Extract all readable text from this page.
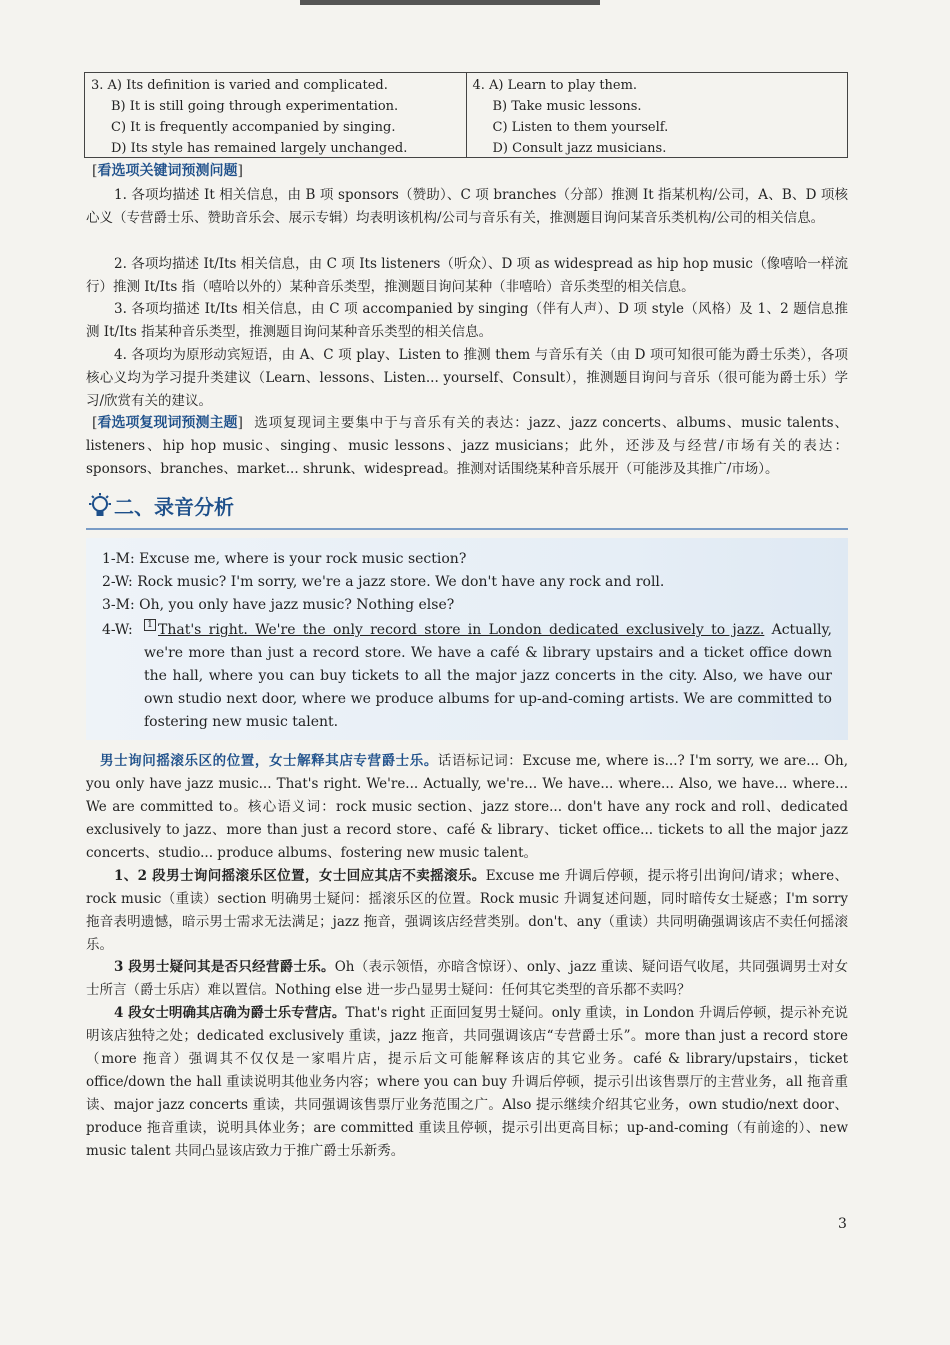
3. A) Its definition is varied and complicated.
B) It is still going through experimentation.
C) It is frequently accompanied by singing.
D) Its style has remained largely unchanged.
4. A) Learn to play them.
B) Take music lessons.
C) Listen to them yourself.
D) Consult jazz musicians.
[ 看选项关键词预测问题 ]
1. 各项均描述 It 相关信息，由 B 项 sponsors（赞助）、C 项 branches（分部）推测 It 指某机构/公司，A、B、D 项核心义（专营爵士乐、赞助音乐会、展示专辑）均表明该机构/公司与音乐有关，推测题目询问某音乐类机构/公司的相关信息。
2. 各项均描述 It/Its 相关信息，由 C 项 Its listeners（听众）、D 项 as widespread as hip hop music（像嘻哈一样流行）推测 It/Its 指（嘻哈以外的）某种音乐类型，推测题目询问某种（非嘻哈）音乐类型的相关信息。
3. 各项均描述 It/Its 相关信息，由 C 项 accompanied by singing（伴有人声）、D 项 style（风格）及 1、2 题信息推测 It/Its 指某种音乐类型，推测题目询问某种音乐类型的相关信息。
4. 各项均为原形动宾短语，由 A、C 项 play、Listen to 推测 them 与音乐有关（由 D 项可知很可能为爵士乐类），各项核心义均为学习提升类建议（Learn、lessons、Listen... yourself、Consult），推测题目询问与音乐（很可能为爵士乐）学习/欣赏有关的建议。
[ 看选项复现词预测主题 ] 选项复现词主要集中于与音乐有关的表达：jazz、jazz concerts、albums、music talents、listeners、hip hop music、singing、music lessons、jazz musicians；此外，还涉及与经营/市场有关的表达：sponsors、branches、market... shrunk、widespread。推测对话围绕某种音乐展开（可能涉及其推广/市场）。
二、录音分析
1-M: Excuse me, where is your rock music section?
2-W: Rock music? I'm sorry, we're a jazz store. We don't have any rock and roll.
3-M: Oh, you only have jazz music? Nothing else?
4-W:	1 That's right. We're the only record store in London dedicated exclusively to jazz. Actually, we're more than just a record store. We have a café & library upstairs and a ticket office down the hall, where you can buy tickets to all the major jazz concerts in the city. Also, we have our own studio next door, where we produce albums for up-and-coming artists. We are committed to fostering new music talent.
男士询问摇滚乐区的位置，女士解释其店专营爵士乐。话语标记词：Excuse me, where is...? I'm sorry, we are... Oh, you only have jazz music... That's right. We're... Actually, we're... We have... where... Also, we have... where... We are committed to。核心语义词：rock music section、jazz store... don't have any rock and roll、dedicated exclusively to jazz、more than just a record store、café & library、ticket office... tickets to all the major jazz concerts、studio... produce albums、fostering new music talent。
1、2 段男士询问摇滚乐区位置，女士回应其店不卖摇滚乐。Excuse me 升调后停顿，提示将引出询问/请求；where、rock music（重读）section 明确男士疑问：摇滚乐区的位置。Rock music 升调复述问题，同时暗传女士疑惑；I'm sorry 拖音表明遗憾，暗示男士需求无法满足；jazz 拖音，强调该店经营类别。don't、any（重读）共同明确强调该店不卖任何摇滚乐。
3 段男士疑问其是否只经营爵士乐。Oh（表示领悟，亦暗含惊讶）、only、jazz 重读、疑问语气收尾，共同强调男士对女士所言（爵士乐店）难以置信。Nothing else 进一步凸显男士疑问：任何其它类型的音乐都不卖吗？
4 段女士明确其店确为爵士乐专营店。That's right 正面回复男士疑问。only 重读，in London 升调后停顿，提示补充说明该店独特之处；dedicated exclusively 重读，jazz 拖音，共同强调该店“专营爵士乐”。more than just a record store（more 拖音）强调其不仅仅是一家唱片店，提示后文可能解释该店的其它业务。café & library/upstairs，ticket office/down the hall 重读说明其他业务内容；where you can buy 升调后停顿，提示引出该售票厅的主营业务，all 拖音重读、major jazz concerts 重读，共同强调该售票厅业务范围之广。Also 提示继续介绍其它业务，own studio/next door、produce 拖音重读，说明具体业务；are committed 重读且停顿，提示引出更高目标；up-and-coming（有前途的）、new music talent 共同凸显该店致力于推广爵士乐新秀。
3
